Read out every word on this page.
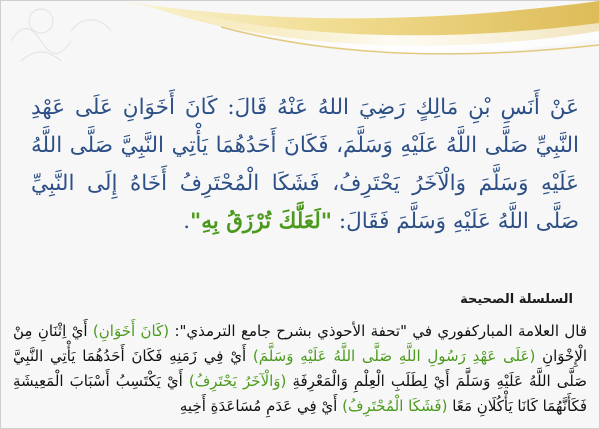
عَنْ أَنَسِ بْنِ مَالِكٍ رَضِيَ اللهُ عَنْهُ قَالَ: كَانَ أَخَوَانِ عَلَى عَهْدِ النَّبِيِّ صَلَّى اللَّهُ عَلَيْهِ وَسَلَّمَ، فَكَانَ أَحَدُهُمَا يَأْتِي النَّبِيَّ صَلَّى اللَّهُ عَلَيْهِ وَسَلَّمَ وَالْآخَرُ يَحْتَرِفُ، فَشَكَا الْمُحْتَرِفُ أَخَاهُ إِلَى النَّبِيِّ صَلَّى اللَّهُ عَلَيْهِ وَسَلَّمَ فَقَالَ: "لَعَلَّكَ تُرْزَقُ بِهِ".

السلسلة الصحيحة

قال العلامة المباركفوري في "تحفة الأحوذي بشرح جامع الترمذي": (كَانَ أَخَوَانِ) أَيْ اِثْنَانِ مِنْ الْإِخْوَانِ (عَلَى عَهْدِ رَسُولِ اللَّهِ صَلَّى اللَّهُ عَلَيْهِ وَسَلَّمَ) أَيْ فِي زَمَنِهِ فَكَانَ أَحَدُهُمَا يَأْتِي النَّبِيَّ صَلَّى اللَّهُ عَلَيْهِ وَسَلَّمَ أَيْ لِطَلَبِ الْعِلْمِ وَالْمَعْرِفَةِ (وَالْآخَرُ يَحْتَرِفُ) أَيْ يَكْتَسِبُ أَسْبَابَ الْمَعِيشَةِ فَكَأَنَّهُمَا كَانَا يَأْكُلَانِ مَعًا (فَشَكَا الْمُحْتَرِفُ) أَيْ فِي عَدَمِ مُسَاعَدَةِ أَخِيهِ
